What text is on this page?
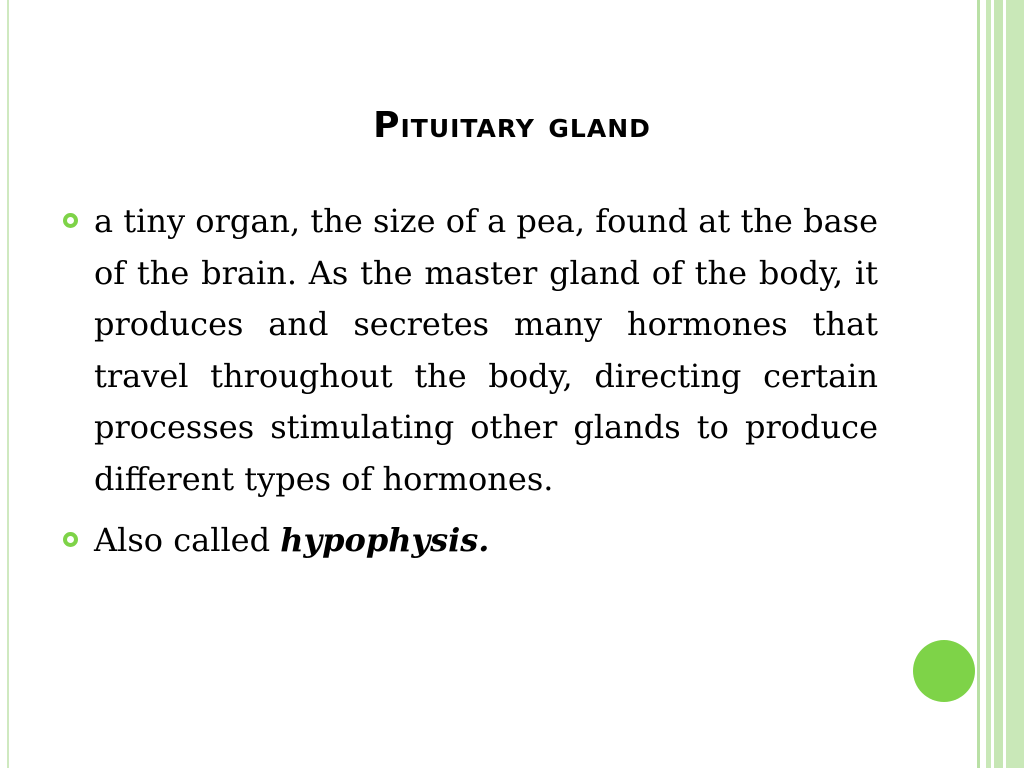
Pituitary gland
a tiny organ, the size of a pea, found at the base of the brain. As the master gland of the body, it produces and secretes many hormones that travel throughout the body, directing certain processes stimulating other glands to produce different types of hormones.
Also called hypophysis.
